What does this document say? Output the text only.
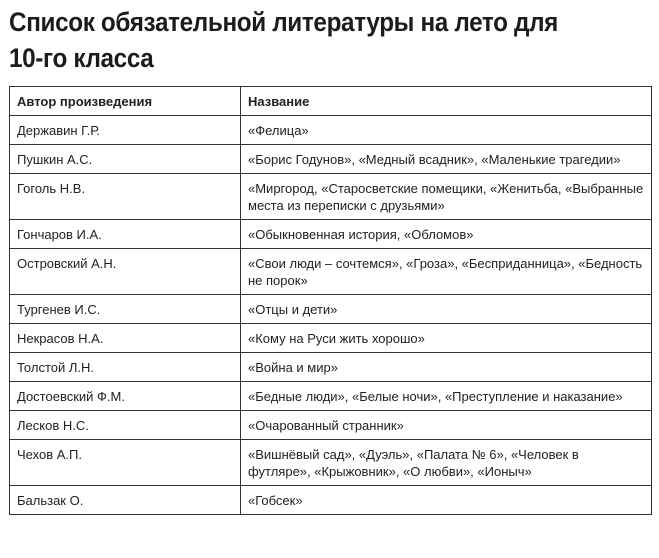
Список обязательной литературы на лето для 10-го класса
Автор произведения	Название
Державин Г.Р.	«Фелица»
Пушкин А.С.	«Борис Годунов», «Медный всадник», «Маленькие трагедии»
Гоголь Н.В.	«Миргород, «Старосветские помещики, «Женитьба, «Выбранные места из переписки с друзьями»
Гончаров И.А.	«Обыкновенная история, «Обломов»
Островский А.Н.	«Свои люди – сочтемся», «Гроза», «Бесприданница», «Бедность не порок»
Тургенев И.С.	«Отцы и дети»
Некрасов Н.А.	«Кому на Руси жить хорошо»
Толстой Л.Н.	«Война и мир»
Достоевский Ф.М.	«Бедные люди», «Белые ночи», «Преступление и наказание»
Лесков Н.С.	«Очарованный странник»
Чехов А.П.	«Вишнёвый сад», «Дуэль», «Палата № 6», «Человек в футляре», «Крыжовник», «О любви», «Ионыч»
Бальзак О.	«Гобсек»
